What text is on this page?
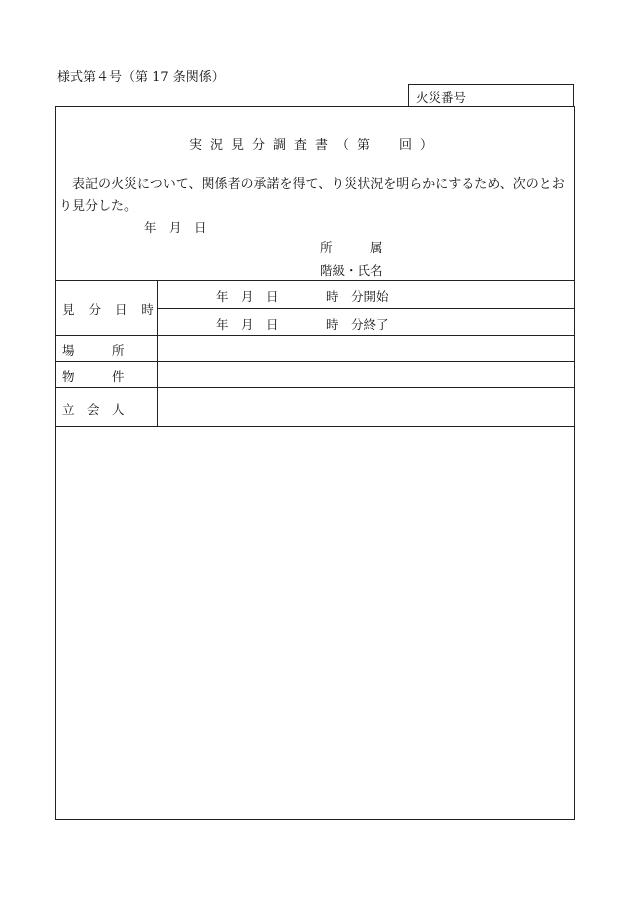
様式第４号（第 17 条関係）
火災番号
実況見分調査書（第　回）
表記の火災について、関係者の承諾を得て、り災状況を明らかにするため、次のとおり見分した。
年　月　日
所　　　属
階級・氏名
見 分 日 時
年　月　日	時　分開始
年　月　日	時　分終了
場　　　所
物　　　件
立　会　人
